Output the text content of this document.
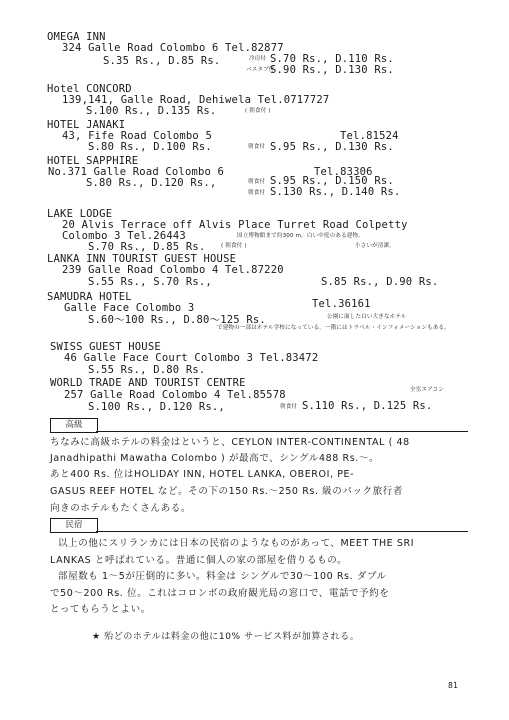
OMEGA INN
324 Galle Road Colombo 6 Tel.82877
S.35 Rs., D.85 Rs.	冷房付 S.70 Rs., D.110 Rs.
バスタブ付
S.90 Rs., D.130 Rs.
Hotel CONCORD
139,141, Galle Road, Dehiwela Tel.0717727
S.100 Rs., D.135 Rs.	( 朝食付 )
HOTEL JANAKI
43, Fife Road Colombo 5	Tel.81524
S.80 Rs., D.100 Rs.	朝食付 S.95 Rs., D.130 Rs.
HOTEL SAPPHIRE
No.371 Galle Road Colombo 6	Tel.83306
S.80 Rs., D.120 Rs.,	朝食付 S.95 Rs., D.150 Rs.
朝食付 S.130 Rs., D.140 Rs.
LAKE LODGE
20 Alvis Terrace off Alvis Place Turret Road Colpetty
Colombo 3 Tel.26443	国立博物館まで約300 m。白い中庭のある建物。
S.70 Rs., D.85 Rs.	( 朝食付 )	小さいが清潔。
LANKA INN TOURIST GUEST HOUSE
239 Galle Road Colombo 4 Tel.87220
S.55 Rs., S.70 Rs.,	S.85 Rs., D.90 Rs.
SAMUDRA HOTEL
Galle Face Colombo 3	Tel.36161
S.60～100 Rs., D.80～125 Rs.	公園に面した白い大きなホテル
で建物の一部はホテル学校になっている。一階にはトラベル・インフォメーションもある。
SWISS GUEST HOUSE
46 Galle Face Court Colombo 3 Tel.83472
S.55 Rs., D.80 Rs.
WORLD TRADE AND TOURIST CENTRE
257 Galle Road Colombo 4 Tel.85578	全室エアコン
S.100 Rs., D.120 Rs.,	朝食付 S.110 Rs., D.125 Rs.
高級
ちなみに高級ホテルの料金はというと、CEYLON INTER-CONTINENTAL ( 48
Janadhipathi Mawatha Colombo ) が最高で、シングル488 Rs.～。
あと400 Rs. 位はHOLIDAY INN, HOTEL LANKA, OBEROI, PE-
GASUS REEF HOTEL など。その下の150 Rs.～250 Rs. 級のパック旅行者
向きのホテルもたくさんある。
民宿
以上の他にスリランカには日本の民宿のようなものがあって、MEET THE SRI
LANKAS と呼ばれている。普通に個人の家の部屋を借りるもの。
部屋数も 1～5が圧倒的に多い。料金は シングルで30～100 Rs. ダブル
で50～200 Rs. 位。これはコロンボの政府観光局の窓口で、電話で予約を
とってもらうとよい。
★ 殆どのホテルは料金の他に10% サービス料が加算される。
81
